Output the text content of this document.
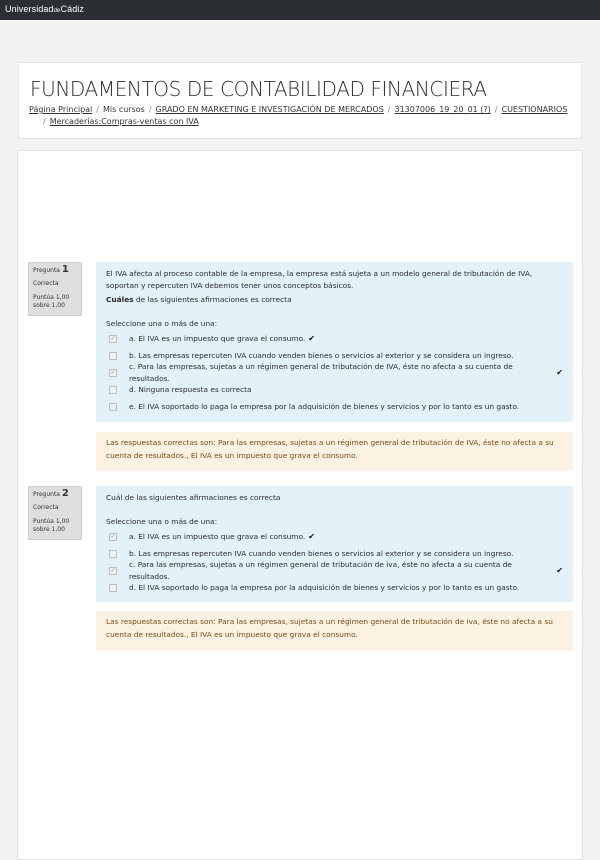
UniversidaddeCádiz
FUNDAMENTOS DE CONTABILIDAD FINANCIERA
Página Principal / Mis cursos / GRADO EN MARKETING E INVESTIGACIÓN DE MERCADOS / 31307006_19_20_01 (?) / CUESTIONARIOS
/ Mercaderías:Compras-ventas con IVA
Pregunta 1
Correcta
Puntúa 1,00
sobre 1,00

El IVA afecta al proceso contable de la empresa, la empresa está sujeta a un modelo general de tributación de IVA, soportan y repercuten IVA debemos tener unos conceptos básicos.

Cuáles de las siguientes afirmaciones es correcta

Seleccione una o más de una:

✓ a. El IVA es un impuesto que grava el consumo. ✔
b. Las empresas repercuten IVA cuando venden bienes o servicios al exterior y se considera un ingreso.
✓
c. Para las empresas, sujetas a un régimen general de tributación de IVA, éste no afecta a su cuenta de resultados.
✔
d. Ninguna respuesta es correcta
e. El IVA soportado lo paga la empresa por la adquisición de bienes y servicios y por lo tanto es un gasto.
Las respuestas correctas son: Para las empresas, sujetas a un régimen general de tributación de IVA, éste no afecta a su cuenta de resultados., El IVA es un impuesto que grava el consumo.
Pregunta 2
Correcta
Puntúa 1,00
sobre 1,00

Cuál de las siguientes afirmaciones es correcta

Seleccione una o más de una:

✓ a. El IVA es un impuesto que grava el consumo. ✔
b. Las empresas repercuten IVA cuando venden bienes o servicios al exterior y se considera un ingreso.
✓
c. Para las empresas, sujetas a un régimen general de tributación de iva, éste no afecta a su cuenta de resultados.
✔
d. El IVA soportado lo paga la empresa por la adquisición de bienes y servicios y por lo tanto es un gasto.
Las respuestas correctas son: Para las empresas, sujetas a un régimen general de tributación de iva, éste no afecta a su cuenta de resultados., El IVA es un impuesto que grava el consumo.
